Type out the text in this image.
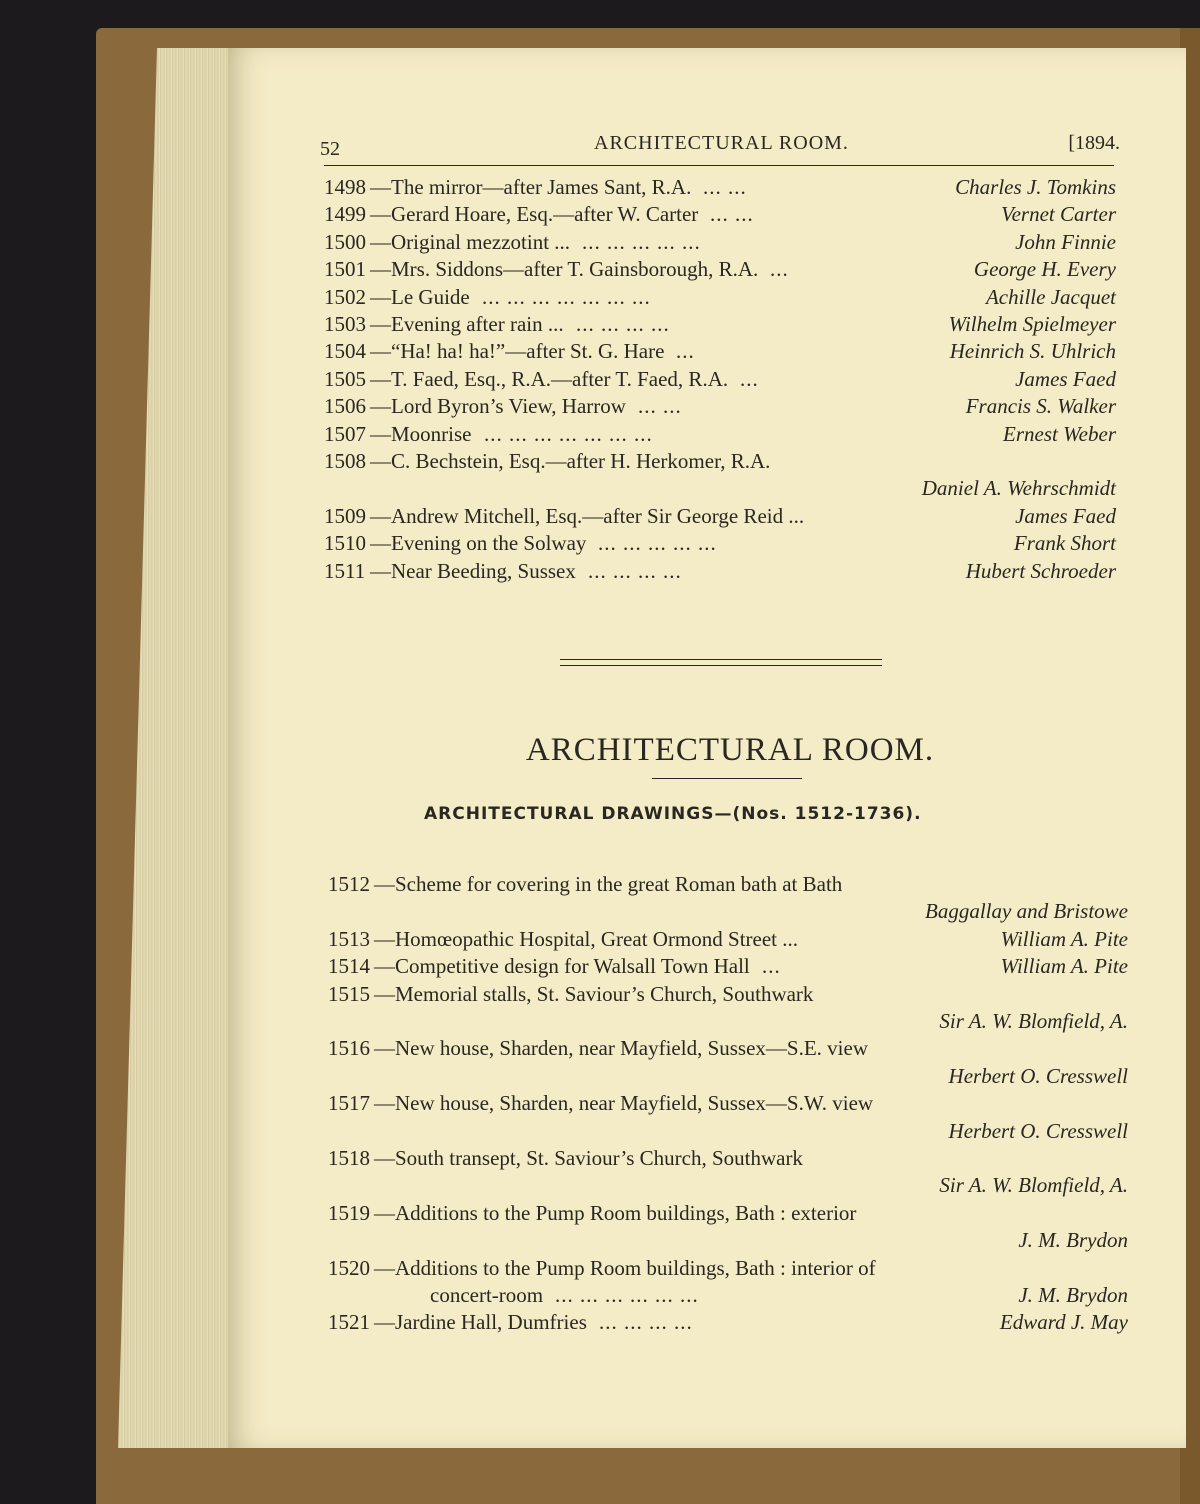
52	ARCHITECTURAL ROOM.	[1894.
1498 —The mirror—after James Sant, R.A. ... ...	Charles J. Tomkins
1499 —Gerard Hoare, Esq.—after W. Carter ... ...	Vernet Carter
1500 —Original mezzotint ... ... ... ... ... ...	John Finnie
1501 —Mrs. Siddons—after T. Gainsborough, R.A. ...	George H. Every
1502 —Le Guide ... ... ... ... ... ... ...	Achille Jacquet
1503 —Evening after rain ... ... ... ... ...	Wilhelm Spielmeyer
1504 —“Ha! ha! ha!”—after St. G. Hare ...	Heinrich S. Uhlrich
1505 —T. Faed, Esq., R.A.—after T. Faed, R.A. ...	James Faed
1506 —Lord Byron’s View, Harrow ... ...	Francis S. Walker
1507 —Moonrise ... ... ... ... ... ... ...	Ernest Weber
1508 —C. Bechstein, Esq.—after H. Herkomer, R.A.
Daniel A. Wehrschmidt
1509 —Andrew Mitchell, Esq.—after Sir George Reid ...	James Faed
1510 —Evening on the Solway ... ... ... ... ...	Frank Short
1511 —Near Beeding, Sussex ... ... ... ...	Hubert Schroeder
ARCHITECTURAL ROOM.
ARCHITECTURAL DRAWINGS—(Nos. 1512-1736).
1512 —Scheme for covering in the great Roman bath at Bath
Baggallay and Bristowe
1513 —Homœopathic Hospital, Great Ormond Street ...	William A. Pite
1514 —Competitive design for Walsall Town Hall ...	William A. Pite
1515 —Memorial stalls, St. Saviour’s Church, Southwark
Sir A. W. Blomfield, A.
1516 —New house, Sharden, near Mayfield, Sussex—S.E. view
Herbert O. Cresswell
1517 —New house, Sharden, near Mayfield, Sussex—S.W. view
Herbert O. Cresswell
1518 —South transept, St. Saviour’s Church, Southwark
Sir A. W. Blomfield, A.
1519 —Additions to the Pump Room buildings, Bath : exterior
J. M. Brydon
1520 —Additions to the Pump Room buildings, Bath : interior of
concert-room ... ... ... ... ... ...	J. M. Brydon
1521 —Jardine Hall, Dumfries ... ... ... ...	Edward J. May
